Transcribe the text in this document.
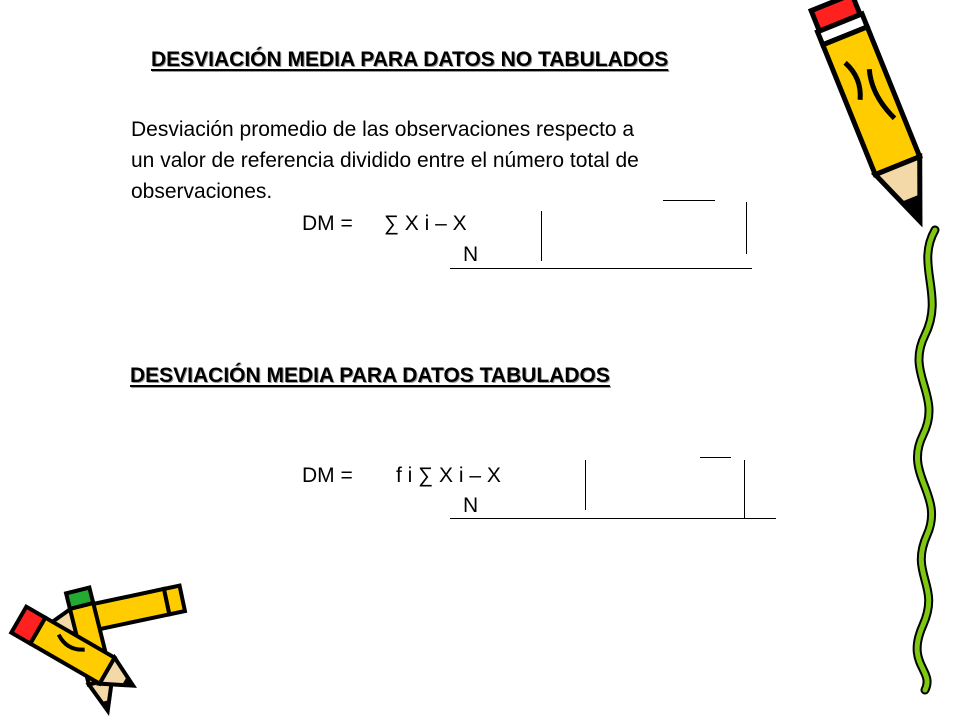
DESVIACIÓN MEDIA PARA DATOS NO TABULADOS
Desviación promedio de las observaciones respecto a
un valor de referencia dividido entre el número total de
observaciones.
DM = ∑ X i – X
N
DESVIACIÓN MEDIA PARA DATOS TABULADOS
DM = f i ∑ X i – X
N
